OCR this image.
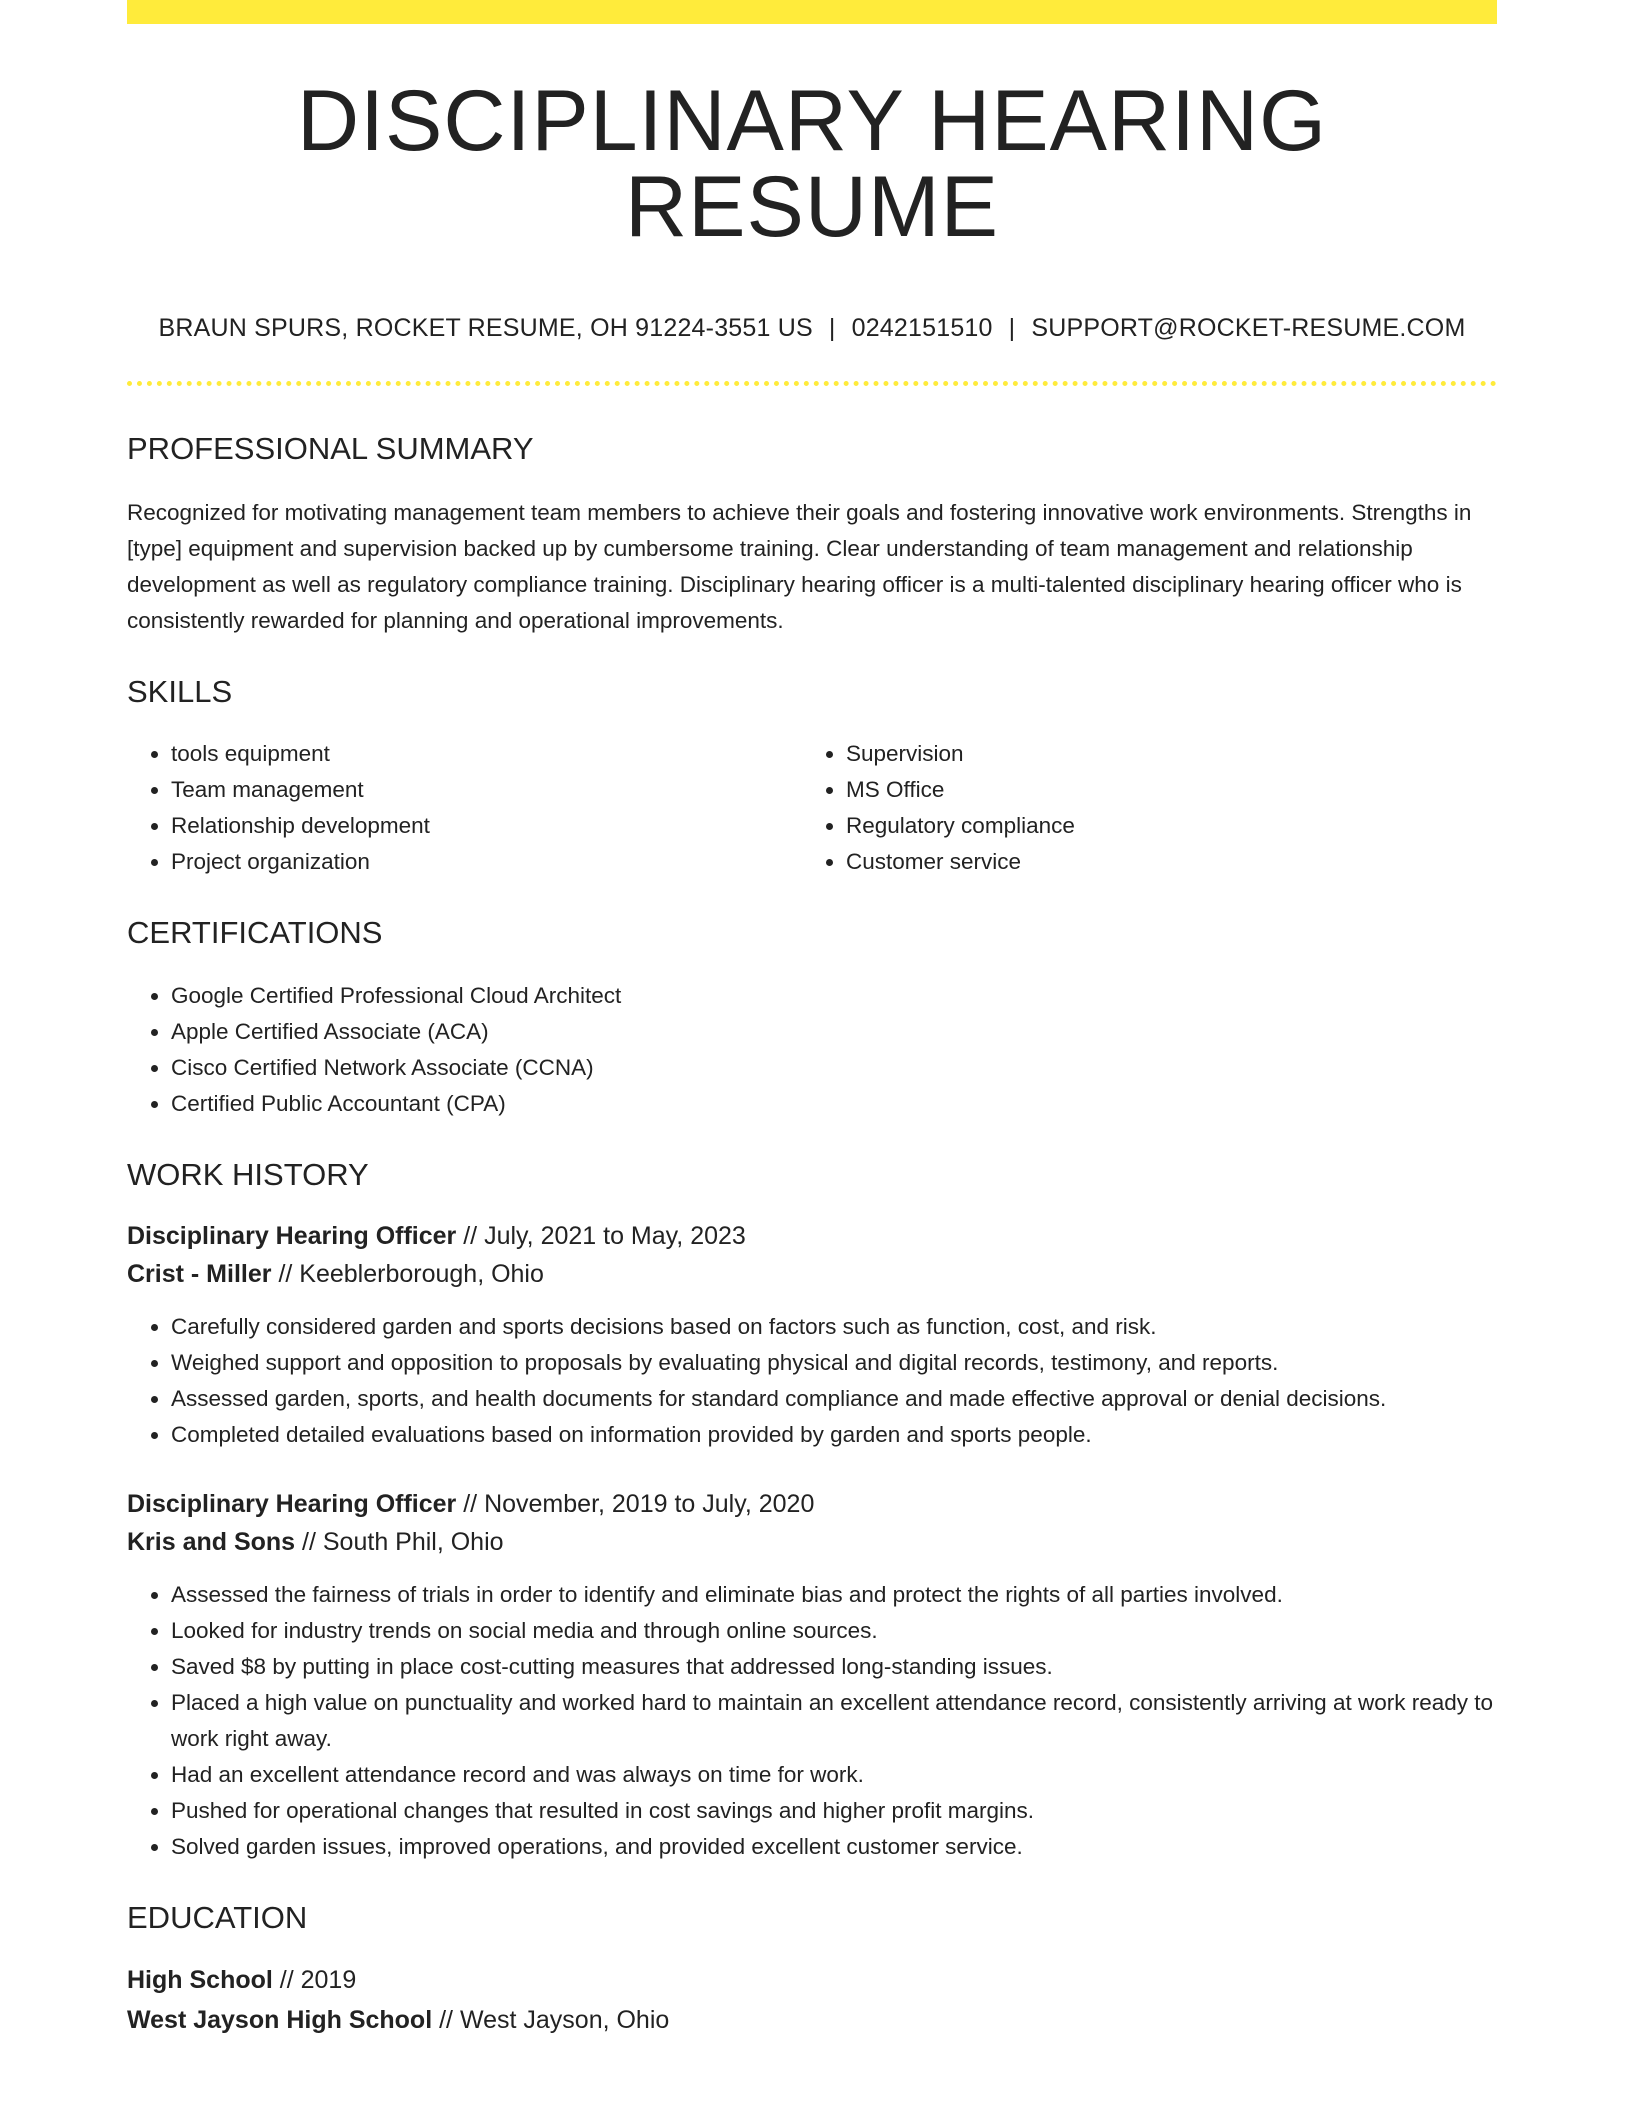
DISCIPLINARY HEARING RESUME
BRAUN SPURS, ROCKET RESUME, OH 91224-3551 US | 0242151510 | SUPPORT@ROCKET-RESUME.COM
PROFESSIONAL SUMMARY

Recognized for motivating management team members to achieve their goals and fostering innovative work environments. Strengths in [type] equipment and supervision backed up by cumbersome training. Clear understanding of team management and relationship development as well as regulatory compliance training. Disciplinary hearing officer is a multi-talented disciplinary hearing officer who is consistently rewarded for planning and operational improvements.

SKILLS
• tools equipment
• Team management
• Relationship development
• Project organization
• Supervision
• MS Office
• Regulatory compliance
• Customer service
CERTIFICATIONS
• Google Certified Professional Cloud Architect
• Apple Certified Associate (ACA)
• Cisco Certified Network Associate (CCNA)
• Certified Public Accountant (CPA)
WORK HISTORY
Disciplinary Hearing Officer // July, 2021 to May, 2023
Crist - Miller // Keeblerborough, Ohio
• Carefully considered garden and sports decisions based on factors such as function, cost, and risk.
• Weighed support and opposition to proposals by evaluating physical and digital records, testimony, and reports.
• Assessed garden, sports, and health documents for standard compliance and made effective approval or denial decisions.
• Completed detailed evaluations based on information provided by garden and sports people.
Disciplinary Hearing Officer // November, 2019 to July, 2020
Kris and Sons // South Phil, Ohio
• Assessed the fairness of trials in order to identify and eliminate bias and protect the rights of all parties involved.
• Looked for industry trends on social media and through online sources.
• Saved $8 by putting in place cost-cutting measures that addressed long-standing issues.
• Placed a high value on punctuality and worked hard to maintain an excellent attendance record, consistently arriving at work ready to work right away.
• Had an excellent attendance record and was always on time for work.
• Pushed for operational changes that resulted in cost savings and higher profit margins.
• Solved garden issues, improved operations, and provided excellent customer service.
EDUCATION
High School // 2019
West Jayson High School // West Jayson, Ohio
